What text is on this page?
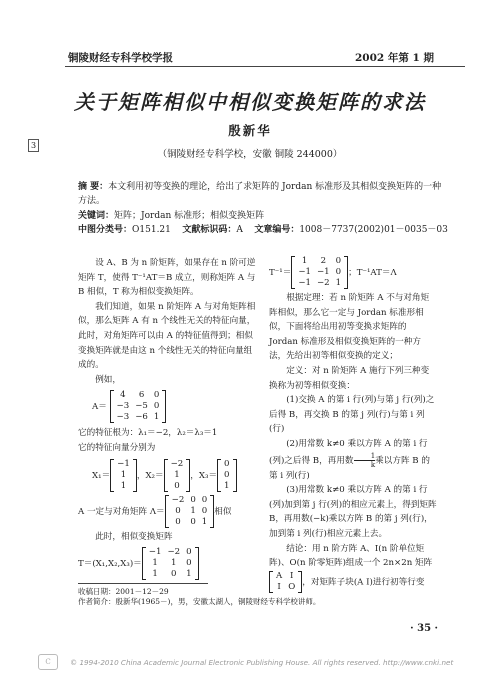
铜陵财经专科学校学报	2002 年第 1 期
关于矩阵相似中相似变换矩阵的求法
殷新华
3
（铜陵财经专科学校，安徽 铜陵 244000）
摘 要：本文利用初等变换的理论，给出了求矩阵的 Jordan 标准形及其相似变换矩阵的一种方法。
关键词：矩阵；Jordan 标准形；相似变换矩阵
中图分类号：O151.21 文献标识码：A 文章编号：1008－7737(2002)01－0035－03

设 A、B 为 n 阶矩阵，如果存在 n 阶可逆矩阵 T，使得 T⁻¹AT＝B 成立，则称矩阵 A 与 B 相似，T 称为相似变换矩阵。

我们知道，如果 n 阶矩阵 A 与对角矩阵相似，那么矩阵 A 有 n 个线性无关的特征向量，此时，对角矩阵可以由 A 的特征值得到；相似变换矩阵就是由这 n 个线性无关的特征向量组成的。

例如，

A＝
4	6	0
−3	−5	0
−3	−6	1

它的特征根为：λ₁＝−2，λ₂＝λ₃＝1

它的特征向量分别为

X₁＝
−1
1
1
，X₂＝
−2
1
0
，X₃＝
0
0
1
A 一定与对角矩阵 Λ＝
−2	0	0
0	1	0
0	0	1
相似

此时，相似变换矩阵

T＝(X₁,X₂,X₃)＝
−1	−2	0
1	1	0
1	0	1
T⁻¹＝
1	2	0
−1	−1	0
−1	−2	1
；T⁻¹AT＝Λ

根据定理：若 n 阶矩阵 A 不与对角矩阵相似，那么它一定与 Jordan 标准形相似，下面将给出用初等变换求矩阵的 Jordan 标准形及相似变换矩阵的一种方法，先给出初等相似变换的定义；

定义：对 n 阶矩阵 A 施行下列三种变换称为初等相似变换：

(1)交换 A 的第 i 行(列)与第 j 行(列)之后得 B，再交换 B 的第 j 列(行)与第 i 列(行)

(2)用常数 k≠0 乘以方阵 A 的第 i 行(列)之后得 B，再用数 $\frac{1}{k}$ 乘以方阵 B 的第 i 列(行)

(3)用常数 k≠0 乘以方阵 A 的第 i 行(列)加到第 j 行(列)的相应元素上，得到矩阵 B，再用数(−k)乘以方阵 B 的第 j 列(行)，加到第 i 列(行)相应元素上去。

结论：用 n 阶方阵 A、I(n 阶单位矩阵)、O(n 阶零矩阵)组成一个 2n×2n 矩阵

A	I
I	O ，对矩阵子块(A I)进行初等行变
收稿日期：2001－12－29
作者简介：殷新华(1965－)，男，安徽太湖人，铜陵财经专科学校讲师。
· 35 ·
C	© 1994-2010 China Academic Journal Electronic Publishing House. All rights reserved. http://www.cnki.net
